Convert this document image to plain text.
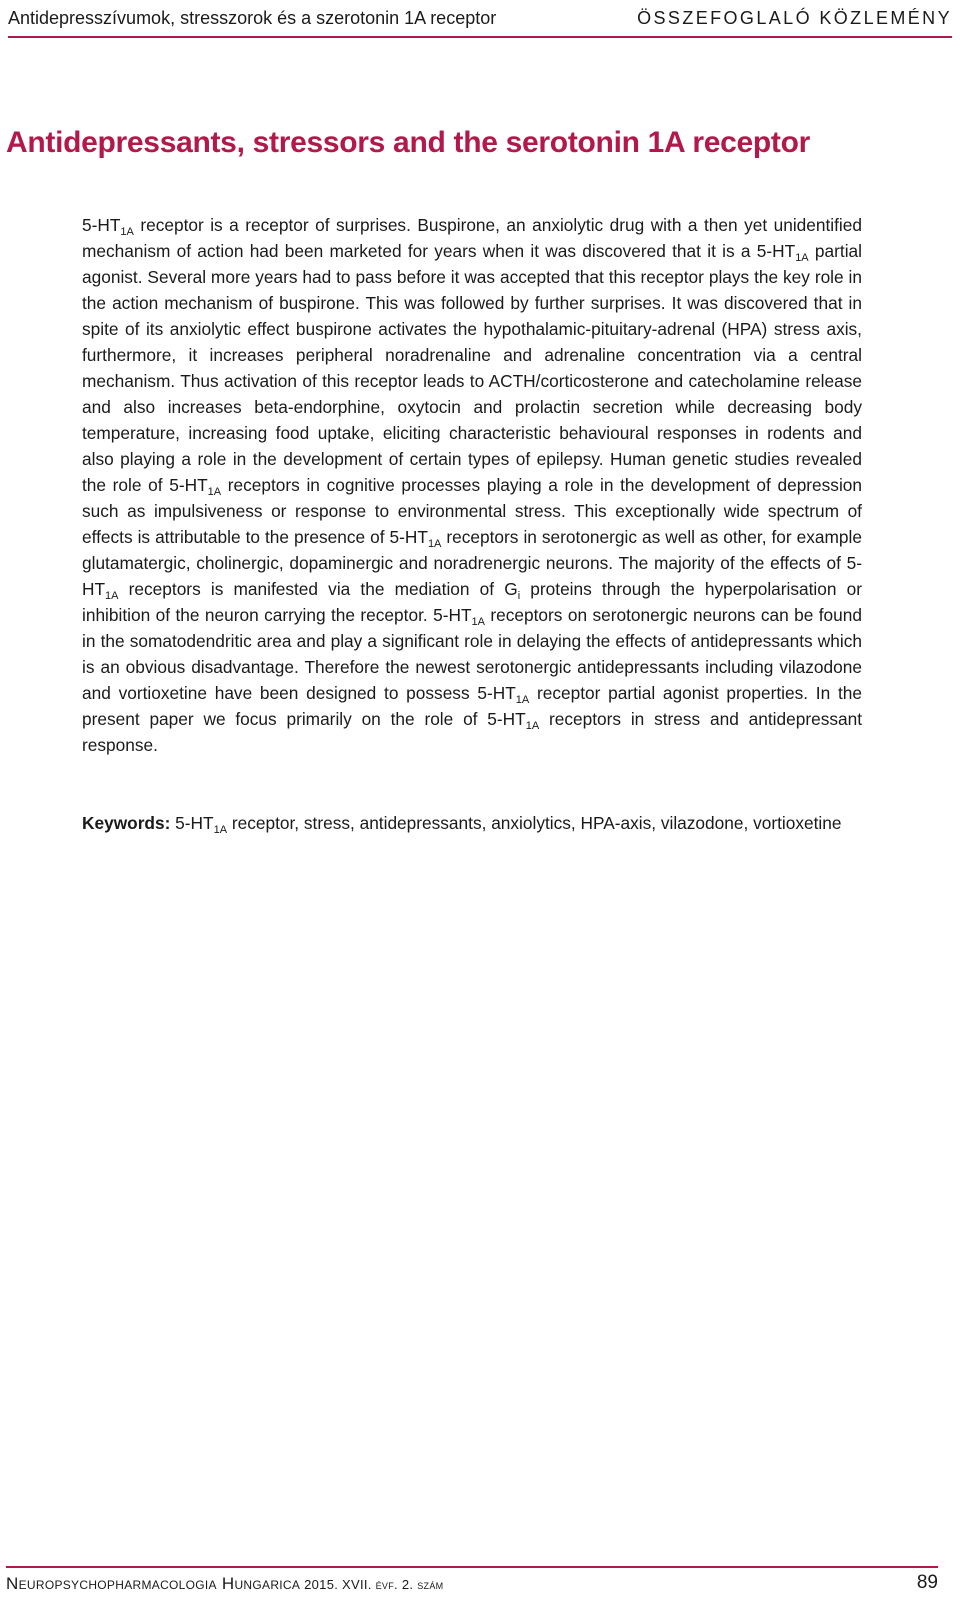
Antidepresszívumok, stresszorok és a szerotonin 1A receptor	ÖSSZEFOGLALÓ KÖZLEMÉNY
Antidepressants, stressors and the serotonin 1A receptor

$5-HT_{1A}$ receptor is a receptor of surprises. Buspirone, an anxiolytic drug with a then yet unidentified mechanism of action had been marketed for years when it was discovered that it is a $5-HT_{1A}$ partial agonist. Several more years had to pass before it was accepted that this receptor plays the key role in the action mechanism of buspirone. This was followed by further surprises. It was discovered that in spite of its anxiolytic effect buspirone activates the hypothalamic-pituitary-adrenal (HPA) stress axis, furthermore, it increases peripheral noradrenaline and adrenaline concentration via a central mechanism. Thus activation of this receptor leads to ACTH/corticosterone and catecholamine release and also increases beta-endorphine, oxytocin and prolactin secretion while decreasing body temperature, increasing food uptake, eliciting characteristic behavioural responses in rodents and also playing a role in the development of certain types of epilepsy. Human genetic studies revealed the role of $5-HT_{1A}$ receptors in cognitive processes playing a role in the development of depression such as impulsiveness or response to environmental stress. This exceptionally wide spectrum of effects is attributable to the presence of $5-HT_{1A}$ receptors in serotonergic as well as other, for example glutamatergic, cholinergic, dopaminergic and noradrenergic neurons. The majority of the effects of $5-HT_{1A}$ receptors is manifested via the mediation of $G_i$ proteins through the hyperpolarisation or inhibition of the neuron carrying the receptor. $5-HT_{1A}$ receptors on serotonergic neurons can be found in the somatodendritic area and play a significant role in delaying the effects of antidepressants which is an obvious disadvantage. Therefore the newest serotonergic antidepressants including vilazodone and vortioxetine have been designed to possess $5-HT_{1A}$ receptor partial agonist properties. In the present paper we focus primarily on the role of $5-HT_{1A}$ receptors in stress and antidepressant response.

Keywords: $5-HT_{1A}$ receptor, stress, antidepressants, anxiolytics, HPA-axis, vilazodone, vortioxetine

Neuropsychopharmacologia Hungarica 2015. XVII. évf. 2. szám	89
